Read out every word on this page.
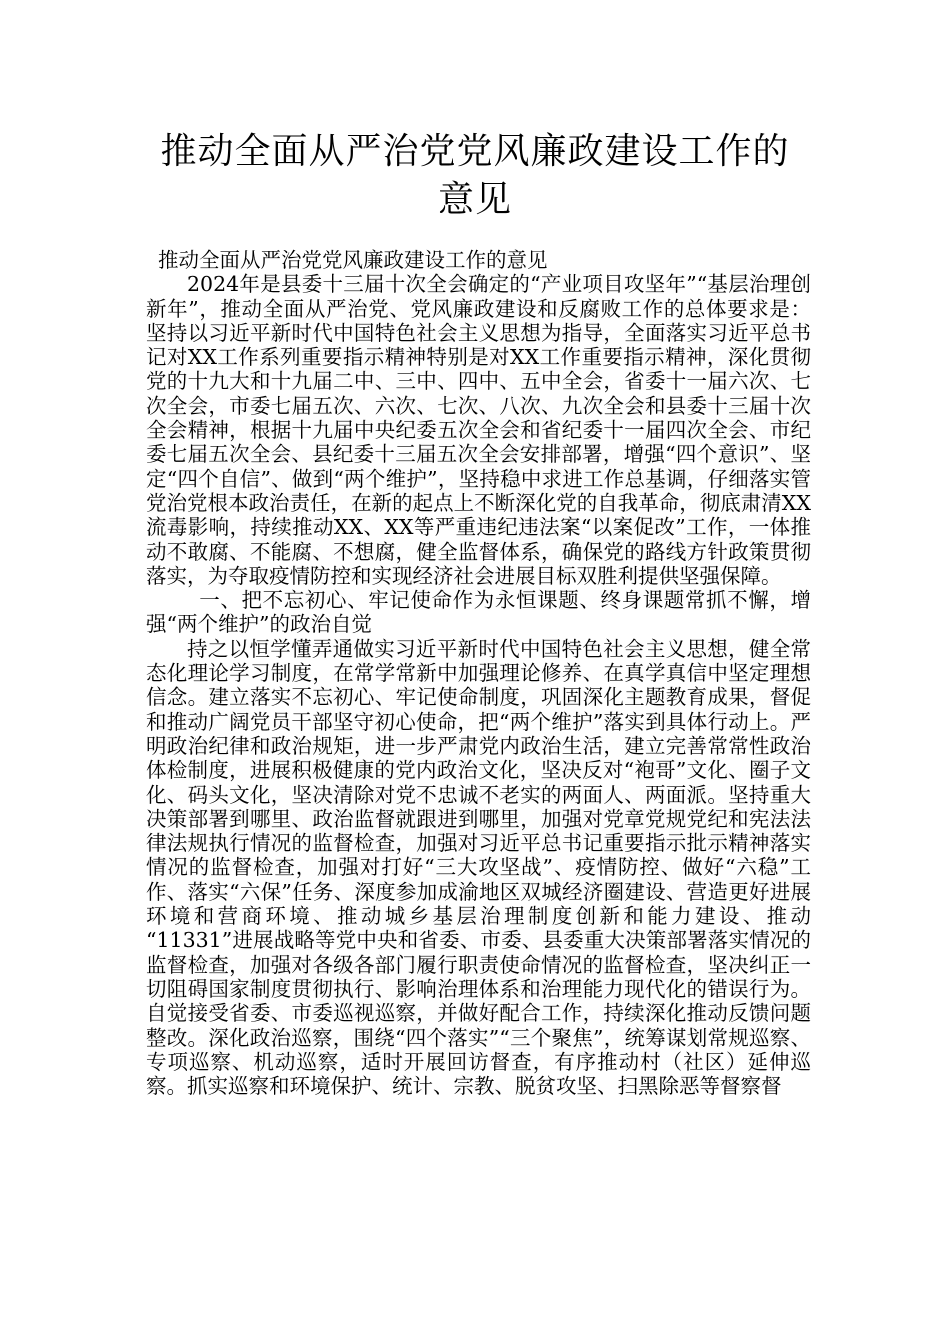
推动全面从严治党党风廉政建设工作的意见

推动全面从严治党党风廉政建设工作的意见

2024年是县委十三届十次全会确定的“产业项目攻坚年”“基层治理创新年”，推动全面从严治党、党风廉政建设和反腐败工作的总体要求是：坚持以习近平新时代中国特色社会主义思想为指导，全面落实习近平总书记对XX工作系列重要指示精神特别是对XX工作重要指示精神，深化贯彻党的十九大和十九届二中、三中、四中、五中全会，省委十一届六次、七次全会，市委七届五次、六次、七次、八次、九次全会和县委十三届十次全会精神，根据十九届中央纪委五次全会和省纪委十一届四次全会、市纪委七届五次全会、县纪委十三届五次全会安排部署，增强“四个意识”、坚定“四个自信”、做到“两个维护”，坚持稳中求进工作总基调，仔细落实管党治党根本政治责任，在新的起点上不断深化党的自我革命，彻底肃清XX流毒影响，持续推动XX、XX等严重违纪违法案“以案促改”工作，一体推动不敢腐、不能腐、不想腐，健全监督体系，确保党的路线方针政策贯彻落实，为夺取疫情防控和实现经济社会进展目标双胜利提供坚强保障。

一、把不忘初心、牢记使命作为永恒课题、终身课题常抓不懈，增强“两个维护”的政治自觉

持之以恒学懂弄通做实习近平新时代中国特色社会主义思想，健全常态化理论学习制度，在常学常新中加强理论修养、在真学真信中坚定理想信念。建立落实不忘初心、牢记使命制度，巩固深化主题教育成果，督促和推动广阔党员干部坚守初心使命，把“两个维护”落实到具体行动上。严明政治纪律和政治规矩，进一步严肃党内政治生活，建立完善常常性政治体检制度，进展积极健康的党内政治文化，坚决反对“袍哥”文化、圈子文化、码头文化，坚决清除对党不忠诚不老实的两面人、两面派。坚持重大决策部署到哪里、政治监督就跟进到哪里，加强对党章党规党纪和宪法法律法规执行情况的监督检查，加强对习近平总书记重要指示批示精神落实情况的监督检查，加强对打好“三大攻坚战”、疫情防控、做好“六稳”工作、落实“六保”任务、深度参加成渝地区双城经济圈建设、营造更好进展环境和营商环境、推动城乡基层治理制度创新和能力建设、推动 “11331”进展战略等党中央和省委、市委、县委重大决策部署落实情况的监督检查，加强对各级各部门履行职责使命情况的监督检查，坚决纠正一切阻碍国家制度贯彻执行、影响治理体系和治理能力现代化的错误行为。自觉接受省委、市委巡视巡察，并做好配合工作，持续深化推动反馈问题整改。深化政治巡察，围绕“四个落实”“三个聚焦”，统筹谋划常规巡察、专项巡察、机动巡察，适时开展回访督查，有序推动村（社区）延伸巡察。抓实巡察和环境保护、统计、宗教、脱贫攻坚、扫黑除恶等督察督
